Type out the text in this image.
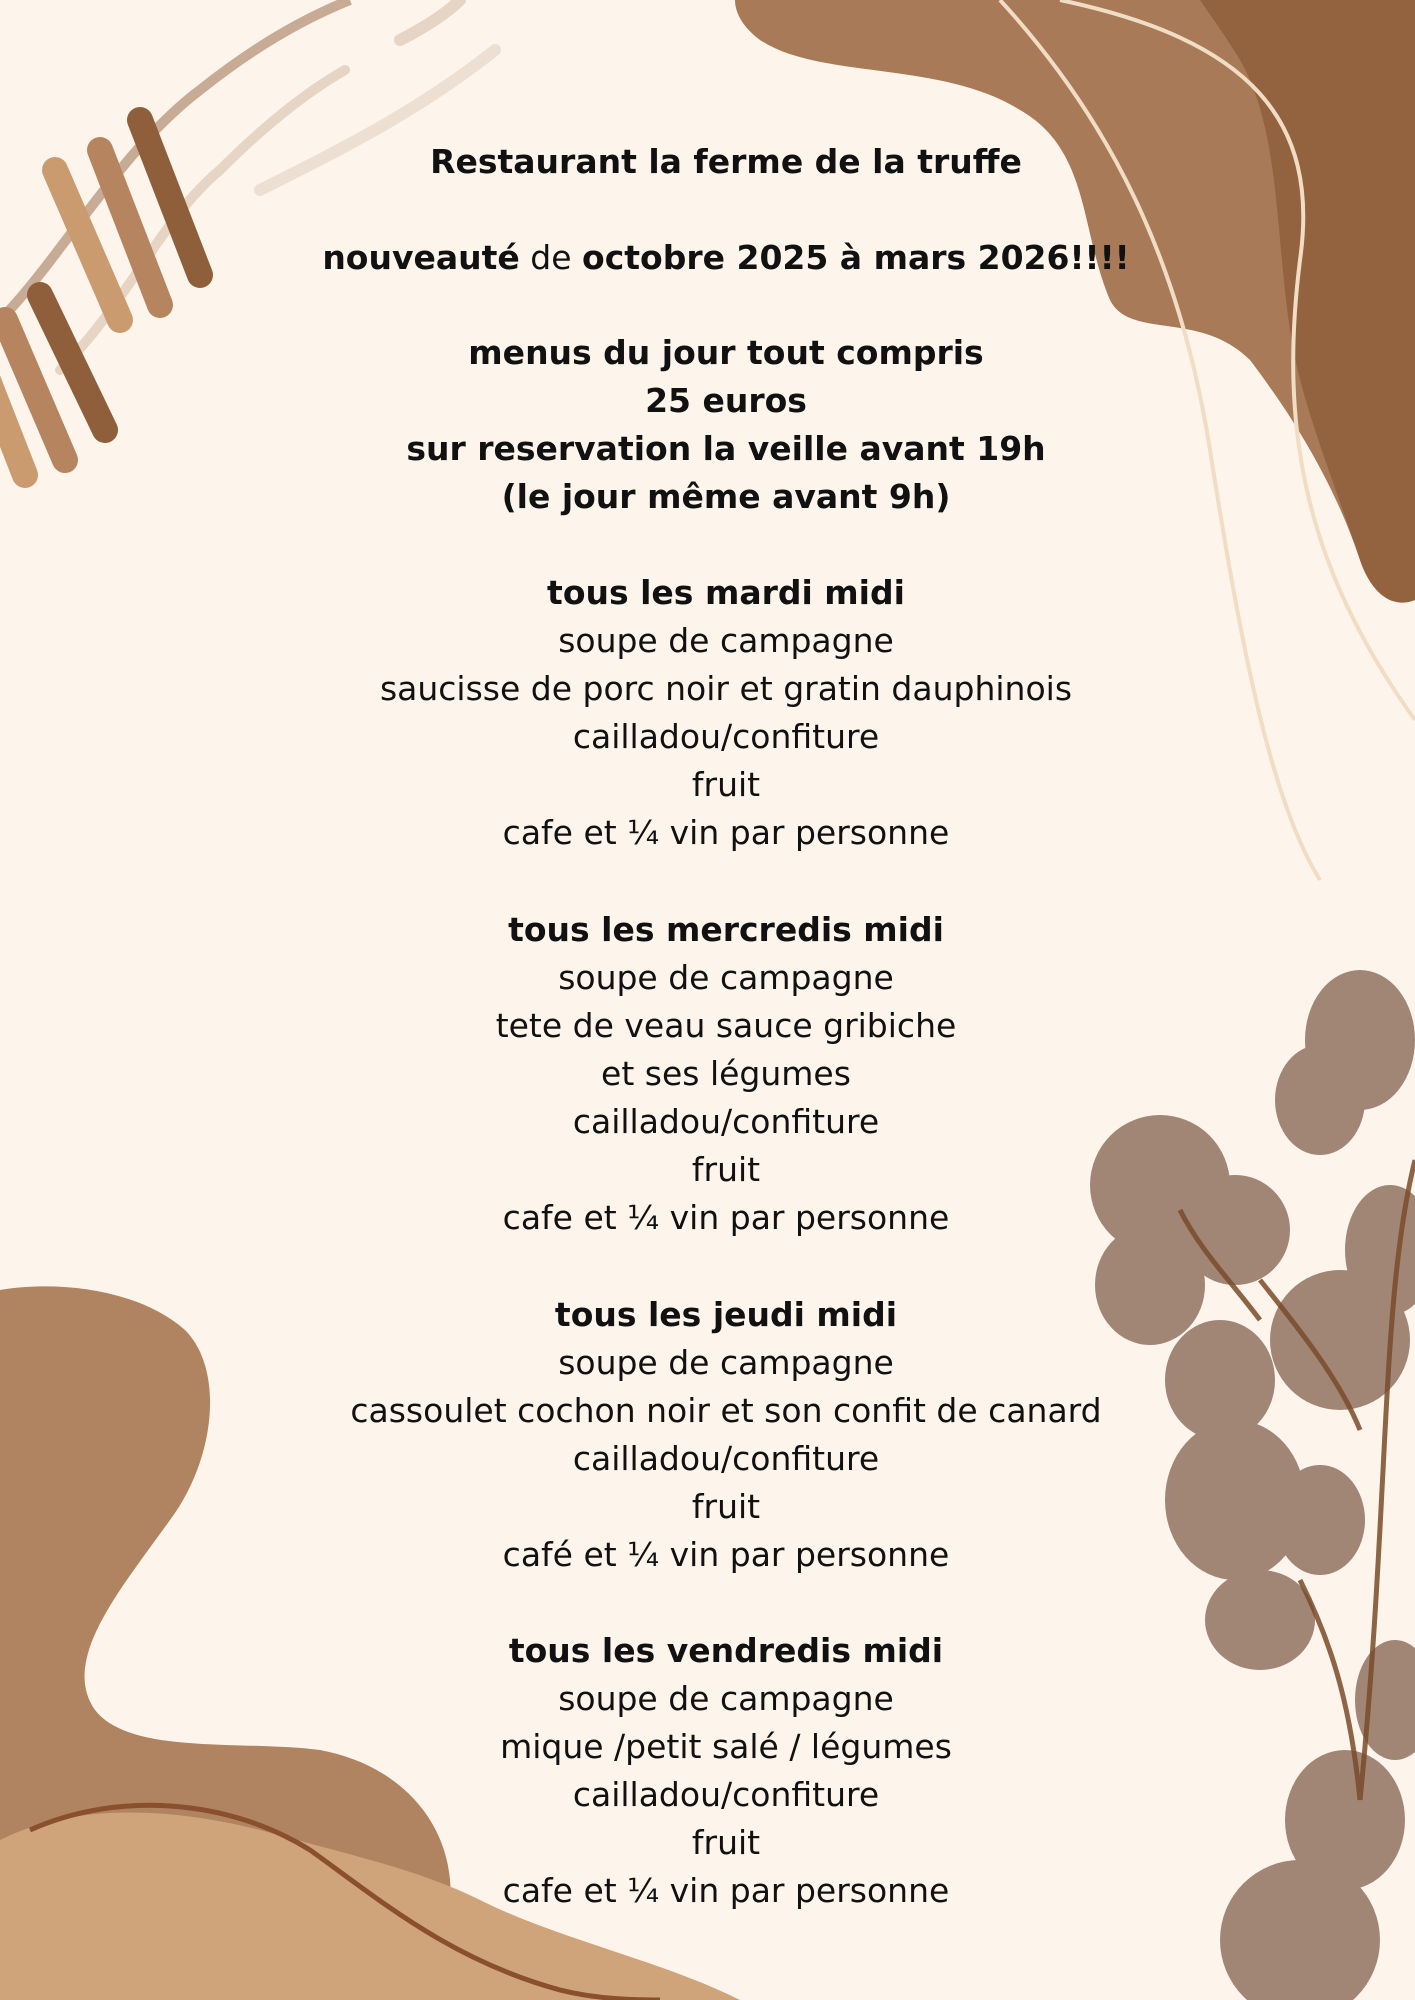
Restaurant la ferme de la truffe
nouveauté de octobre 2025 à mars 2026!!!!
menus du jour tout compris
25 euros
sur reservation la veille avant 19h
(le jour même avant 9h)
tous les mardi midi
soupe de campagne
saucisse de porc noir et gratin dauphinois
cailladou/confiture
fruit
cafe et ¼ vin par personne
tous les mercredis midi
soupe de campagne
tete de veau sauce gribiche
et ses légumes
cailladou/confiture
fruit
cafe et ¼ vin par personne
tous les jeudi midi
soupe de campagne
cassoulet cochon noir et son confit de canard
cailladou/confiture
fruit
café et ¼ vin par personne
tous les vendredis midi
soupe de campagne
mique /petit salé / légumes
cailladou/confiture
fruit
cafe et ¼ vin par personne
